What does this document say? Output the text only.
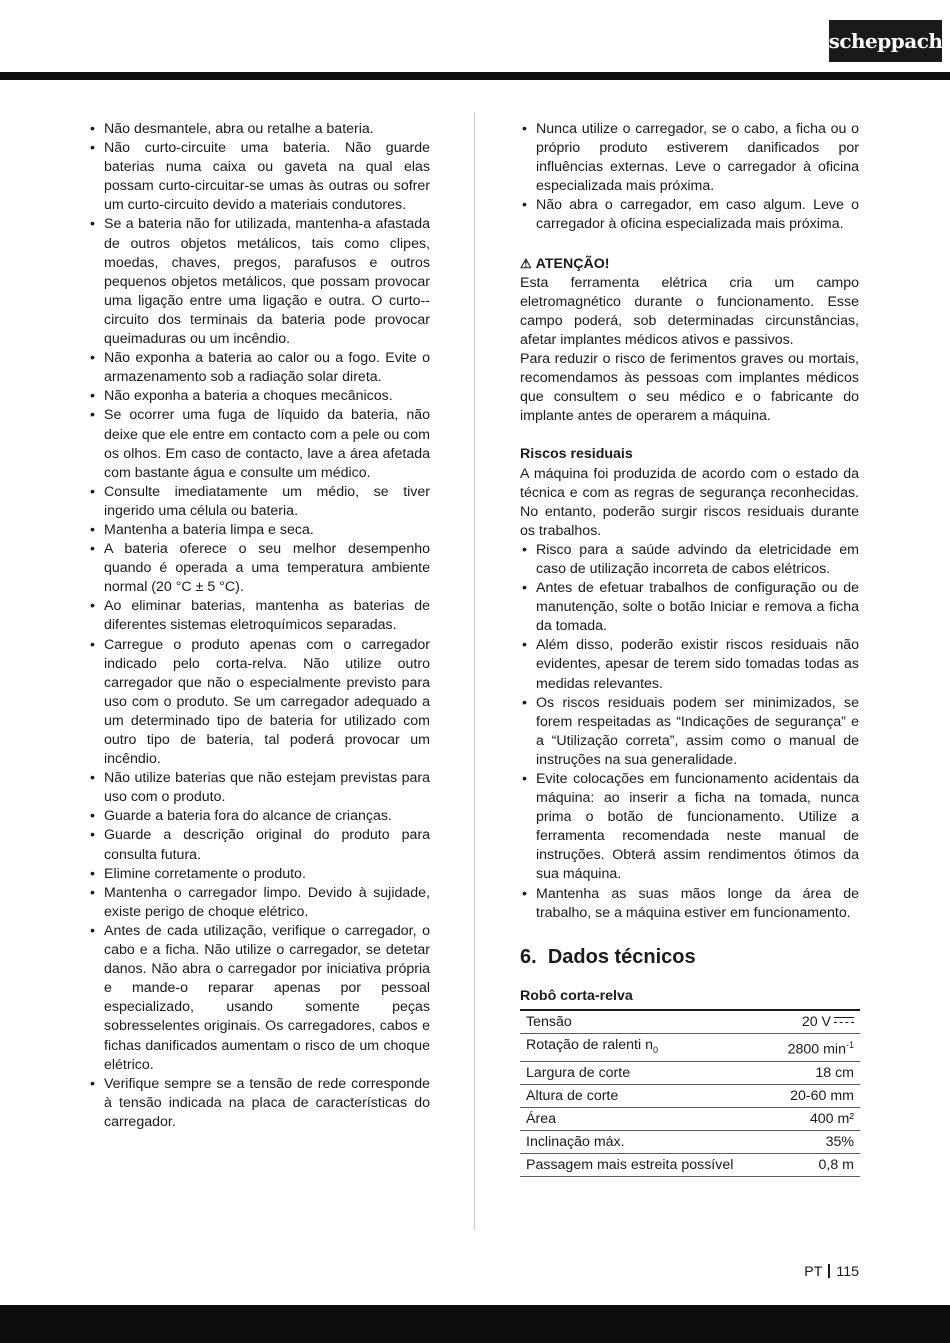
scheppach
• Não desmantele, abra ou retalhe a bateria.
• Não curto-circuite uma bateria. Não guarde baterias numa caixa ou gaveta na qual elas possam curto-circuitar-se umas às outras ou sofrer um curto-circuito devido a materiais condutores.
• Se a bateria não for utilizada, mantenha-a afastada de outros objetos metálicos, tais como clipes, moedas, chaves, pregos, parafusos e outros pequenos objetos metálicos, que possam provocar uma ligação entre uma ligação e outra. O curto--circuito dos terminais da bateria pode provocar queimaduras ou um incêndio.
• Não exponha a bateria ao calor ou a fogo. Evite o armazenamento sob a radiação solar direta.
• Não exponha a bateria a choques mecânicos.
• Se ocorrer uma fuga de líquido da bateria, não deixe que ele entre em contacto com a pele ou com os olhos. Em caso de contacto, lave a área afetada com bastante água e consulte um médico.
• Consulte imediatamente um médio, se tiver ingerido uma célula ou bateria.
• Mantenha a bateria limpa e seca.
• A bateria oferece o seu melhor desempenho quando é operada a uma temperatura ambiente normal (20 °C ± 5 °C).
• Ao eliminar baterias, mantenha as baterias de diferentes sistemas eletroquímicos separadas.
• Carregue o produto apenas com o carregador indicado pelo corta-relva. Não utilize outro carregador que não o especialmente previsto para uso com o produto. Se um carregador adequado a um determinado tipo de bateria for utilizado com outro tipo de bateria, tal poderá provocar um incêndio.
• Não utilize baterias que não estejam previstas para uso com o produto.
• Guarde a bateria fora do alcance de crianças.
• Guarde a descrição original do produto para consulta futura.
• Elimine corretamente o produto.
• Mantenha o carregador limpo. Devido à sujidade, existe perigo de choque elétrico.
• Antes de cada utilização, verifique o carregador, o cabo e a ficha. Não utilize o carregador, se detetar danos. Não abra o carregador por iniciativa própria e mande-o reparar apenas por pessoal especializado, usando somente peças sobresselentes originais. Os carregadores, cabos e fichas danificados aumentam o risco de um choque elétrico.
• Verifique sempre se a tensão de rede corresponde à tensão indicada na placa de características do carregador.
• Nunca utilize o carregador, se o cabo, a ficha ou o próprio produto estiverem danificados por influências externas. Leve o carregador à oficina especializada mais próxima.
• Não abra o carregador, em caso algum. Leve o carregador à oficina especializada mais próxima.

⚠ ATENÇÃO!

Esta ferramenta elétrica cria um campo eletromagnético durante o funcionamento. Esse campo poderá, sob determinadas circunstâncias, afetar implantes médicos ativos e passivos.

Para reduzir o risco de ferimentos graves ou mortais, recomendamos às pessoas com implantes médicos que consultem o seu médico e o fabricante do implante antes de operarem a máquina.

Riscos residuais

A máquina foi produzida de acordo com o estado da técnica e com as regras de segurança reconhecidas. No entanto, poderão surgir riscos residuais durante os trabalhos.

• Risco para a saúde advindo da eletricidade em caso de utilização incorreta de cabos elétricos.
• Antes de efetuar trabalhos de configuração ou de manutenção, solte o botão Iniciar e remova a ficha da tomada.
• Além disso, poderão existir riscos residuais não evidentes, apesar de terem sido tomadas todas as medidas relevantes.
• Os riscos residuais podem ser minimizados, se forem respeitadas as “Indicações de segurança” e a “Utilização correta”, assim como o manual de instruções na sua generalidade.
• Evite colocações em funcionamento acidentais da máquina: ao inserir a ficha na tomada, nunca prima o botão de funcionamento. Utilize a ferramenta recomendada neste manual de instruções. Obterá assim rendimentos ótimos da sua máquina.
• Mantenha as suas mãos longe da área de trabalho, se a máquina estiver em funcionamento.

6. Dados técnicos

Robô corta-relva

Tensão	20 V
Rotação de ralenti $n_0$	2800 $\min^{-1}$
Largura de corte	18 cm
Altura de corte	20-60 mm
Área	400 m²
Inclinação máx.	35%
Passagem mais estreita possível	0,8 m
PT 115
